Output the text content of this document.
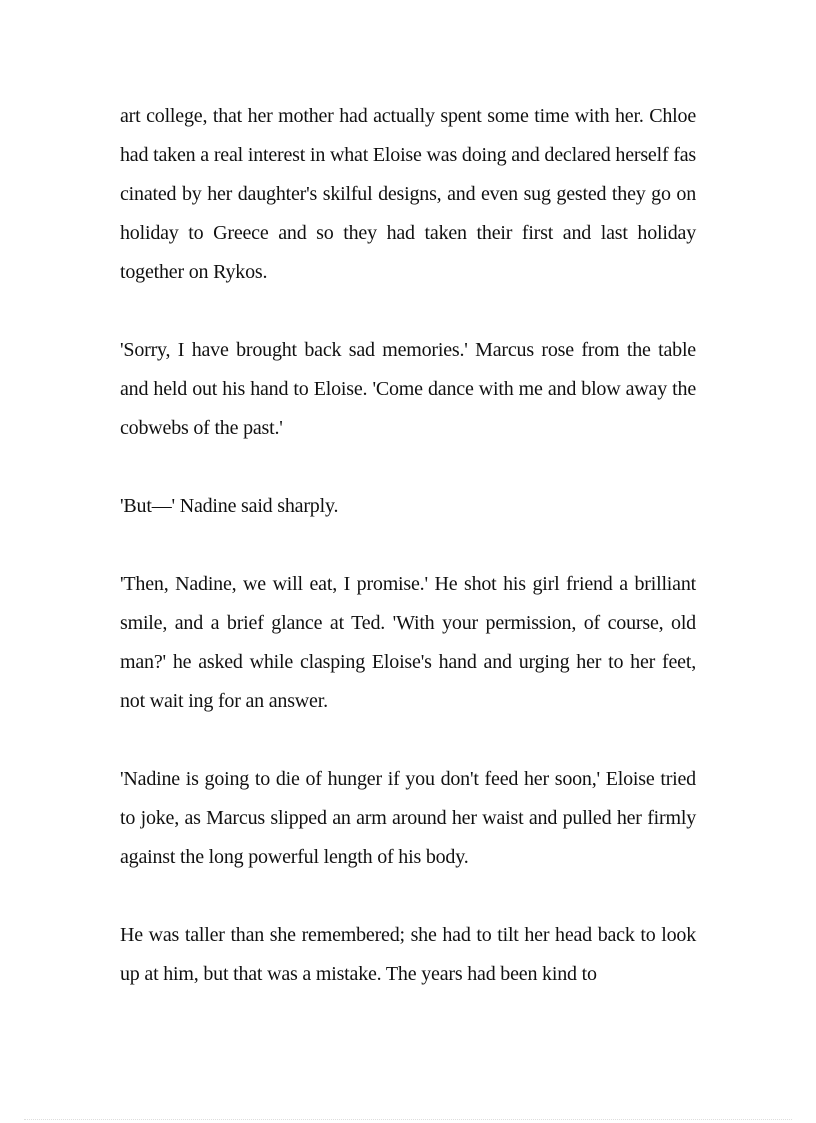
art college, that her mother had actually spent some time with her. Chloe had taken a real interest in what Eloise was doing and declared herself fas cinated by her daughter's skilful designs, and even sug gested they go on holiday to Greece and so they had taken their first and last holiday together on Rykos.

'Sorry, I have brought back sad memories.' Marcus rose from the table and held out his hand to Eloise. 'Come dance with me and blow away the cobwebs of the past.'

'But—' Nadine said sharply.

'Then, Nadine, we will eat, I promise.' He shot his girl friend a brilliant smile, and a brief glance at Ted. 'With your permission, of course, old man?' he asked while clasping Eloise's hand and urging her to her feet, not wait ing for an answer.

'Nadine is going to die of hunger if you don't feed her soon,' Eloise tried to joke, as Marcus slipped an arm around her waist and pulled her firmly against the long powerful length of his body.

He was taller than she remembered; she had to tilt her head back to look up at him, but that was a mistake. The years had been kind to
